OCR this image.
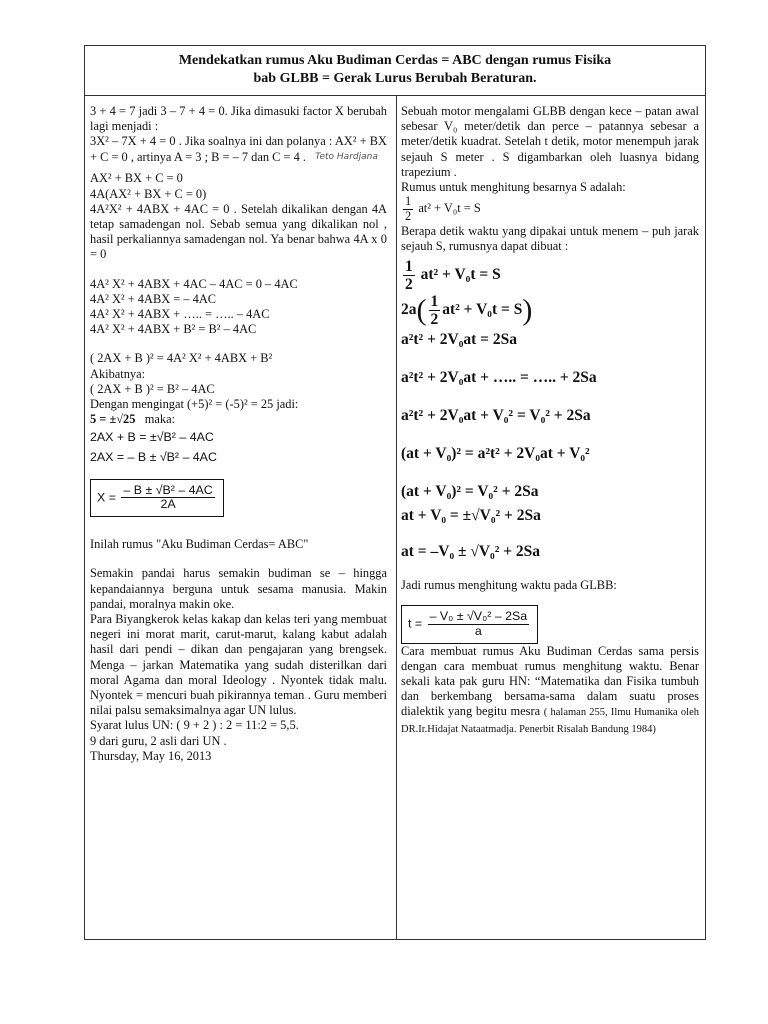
Mendekatkan rumus Aku Budiman Cerdas = ABC dengan rumus Fisika
bab GLBB = Gerak Lurus Berubah Beraturan.
3 + 4 = 7 jadi 3 – 7 + 4 = 0. Jika dimasuki factor X berubah lagi menjadi :
3X² – 7X + 4 = 0 . Jika soalnya ini dan polanya : AX² + BX + C = 0 , artinya A = 3 ; B = – 7 dan C = 4 . Teto Hardjana
AX² + BX + C = 0
4A(AX² + BX + C = 0)
4A²X² + 4ABX + 4AC = 0 . Setelah dikalikan dengan 4A tetap samadengan nol. Sebab semua yang dikalikan nol , hasil perkaliannya samadengan nol. Ya benar bahwa 4A x 0 = 0
4A² X² + 4ABX + 4AC – 4AC = 0 – 4AC
4A² X² + 4ABX = – 4AC
4A² X² + 4ABX + ….. = ….. – 4AC
4A² X² + 4ABX + B² = B² – 4AC
( 2AX + B )² = 4A² X² + 4ABX + B²
Akibatnya:
( 2AX + B )² = B² – 4AC
Dengan mengingat (+5)² = (-5)² = 25 jadi:
5 = ±√25 maka:
2AX + B = ±√B² – 4AC
2AX = – B ± √B² – 4AC
$X = \frac{\text{– B ± √B² – 4AC}}{2A}$
Inilah rumus "Aku Budiman Cerdas= ABC"
Semakin pandai harus semakin budiman se – hingga kepandaiannya berguna untuk sesama manusia. Makin pandai, moralnya makin oke.
Para Biyangkerok kelas kakap dan kelas teri yang membuat negeri ini morat marit, carut-marut, kalang kabut adalah hasil dari pendi – dikan dan pengajaran yang brengsek. Menga – jarkan Matematika yang sudah disterilkan dari moral Agama dan moral Ideology . Nyontek tidak malu. Nyontek = mencuri buah pikirannya teman . Guru memberi nilai palsu semaksimalnya agar UN lulus.
Syarat lulus UN: ( 9 + 2 ) : 2 = 11:2 = 5,5.
9 dari guru, 2 asli dari UN .
Thursday, May 16, 2013
Sebuah motor mengalami GLBB dengan kece – patan awal sebesar V₀ meter/detik dan perce – patannya sebesar a meter/detik kuadrat. Setelah t detik, motor menempuh jarak sejauh S meter . S digambarkan oleh luasnya bidang trapezium .
Rumus untuk menghitung besarnya S adalah:
$\frac{1}{2} at^2 + V_0t = S$
Berapa detik waktu yang dipakai untuk menem – puh jarak sejauh S, rumusnya dapat dibuat :
$\frac{1}{2} at^2 + V_0t = S$
$2a( \frac{1}{2} at^2 + V_0t = S)$
a²t² + 2V₀at = 2Sa
a²t² + 2V₀at + ….. = ….. + 2Sa
a²t² + 2V₀at + V₀² = V₀² + 2Sa
(at + V₀)² = a²t² + 2V₀at + V₀²
(at + V₀)² = V₀² + 2Sa
at + V₀ = ±√V₀² + 2Sa
at = –V₀ ± √V₀² + 2Sa
Jadi rumus menghitung waktu pada GLBB:
$t = \frac{\text{– V₀ ± √V₀² – 2Sa}}{a}$
Cara membuat rumus Aku Budiman Cerdas sama persis dengan cara membuat rumus menghitung waktu. Benar sekali kata pak guru HN: “Matematika dan Fisika tumbuh dan berkembang bersama-sama dalam suatu proses dialektik yang begitu mesra ( halaman 255, Ilmu Humanika oleh DR.Ir.Hidajat Nataatmadja. Penerbit Risalah Bandung 1984)
